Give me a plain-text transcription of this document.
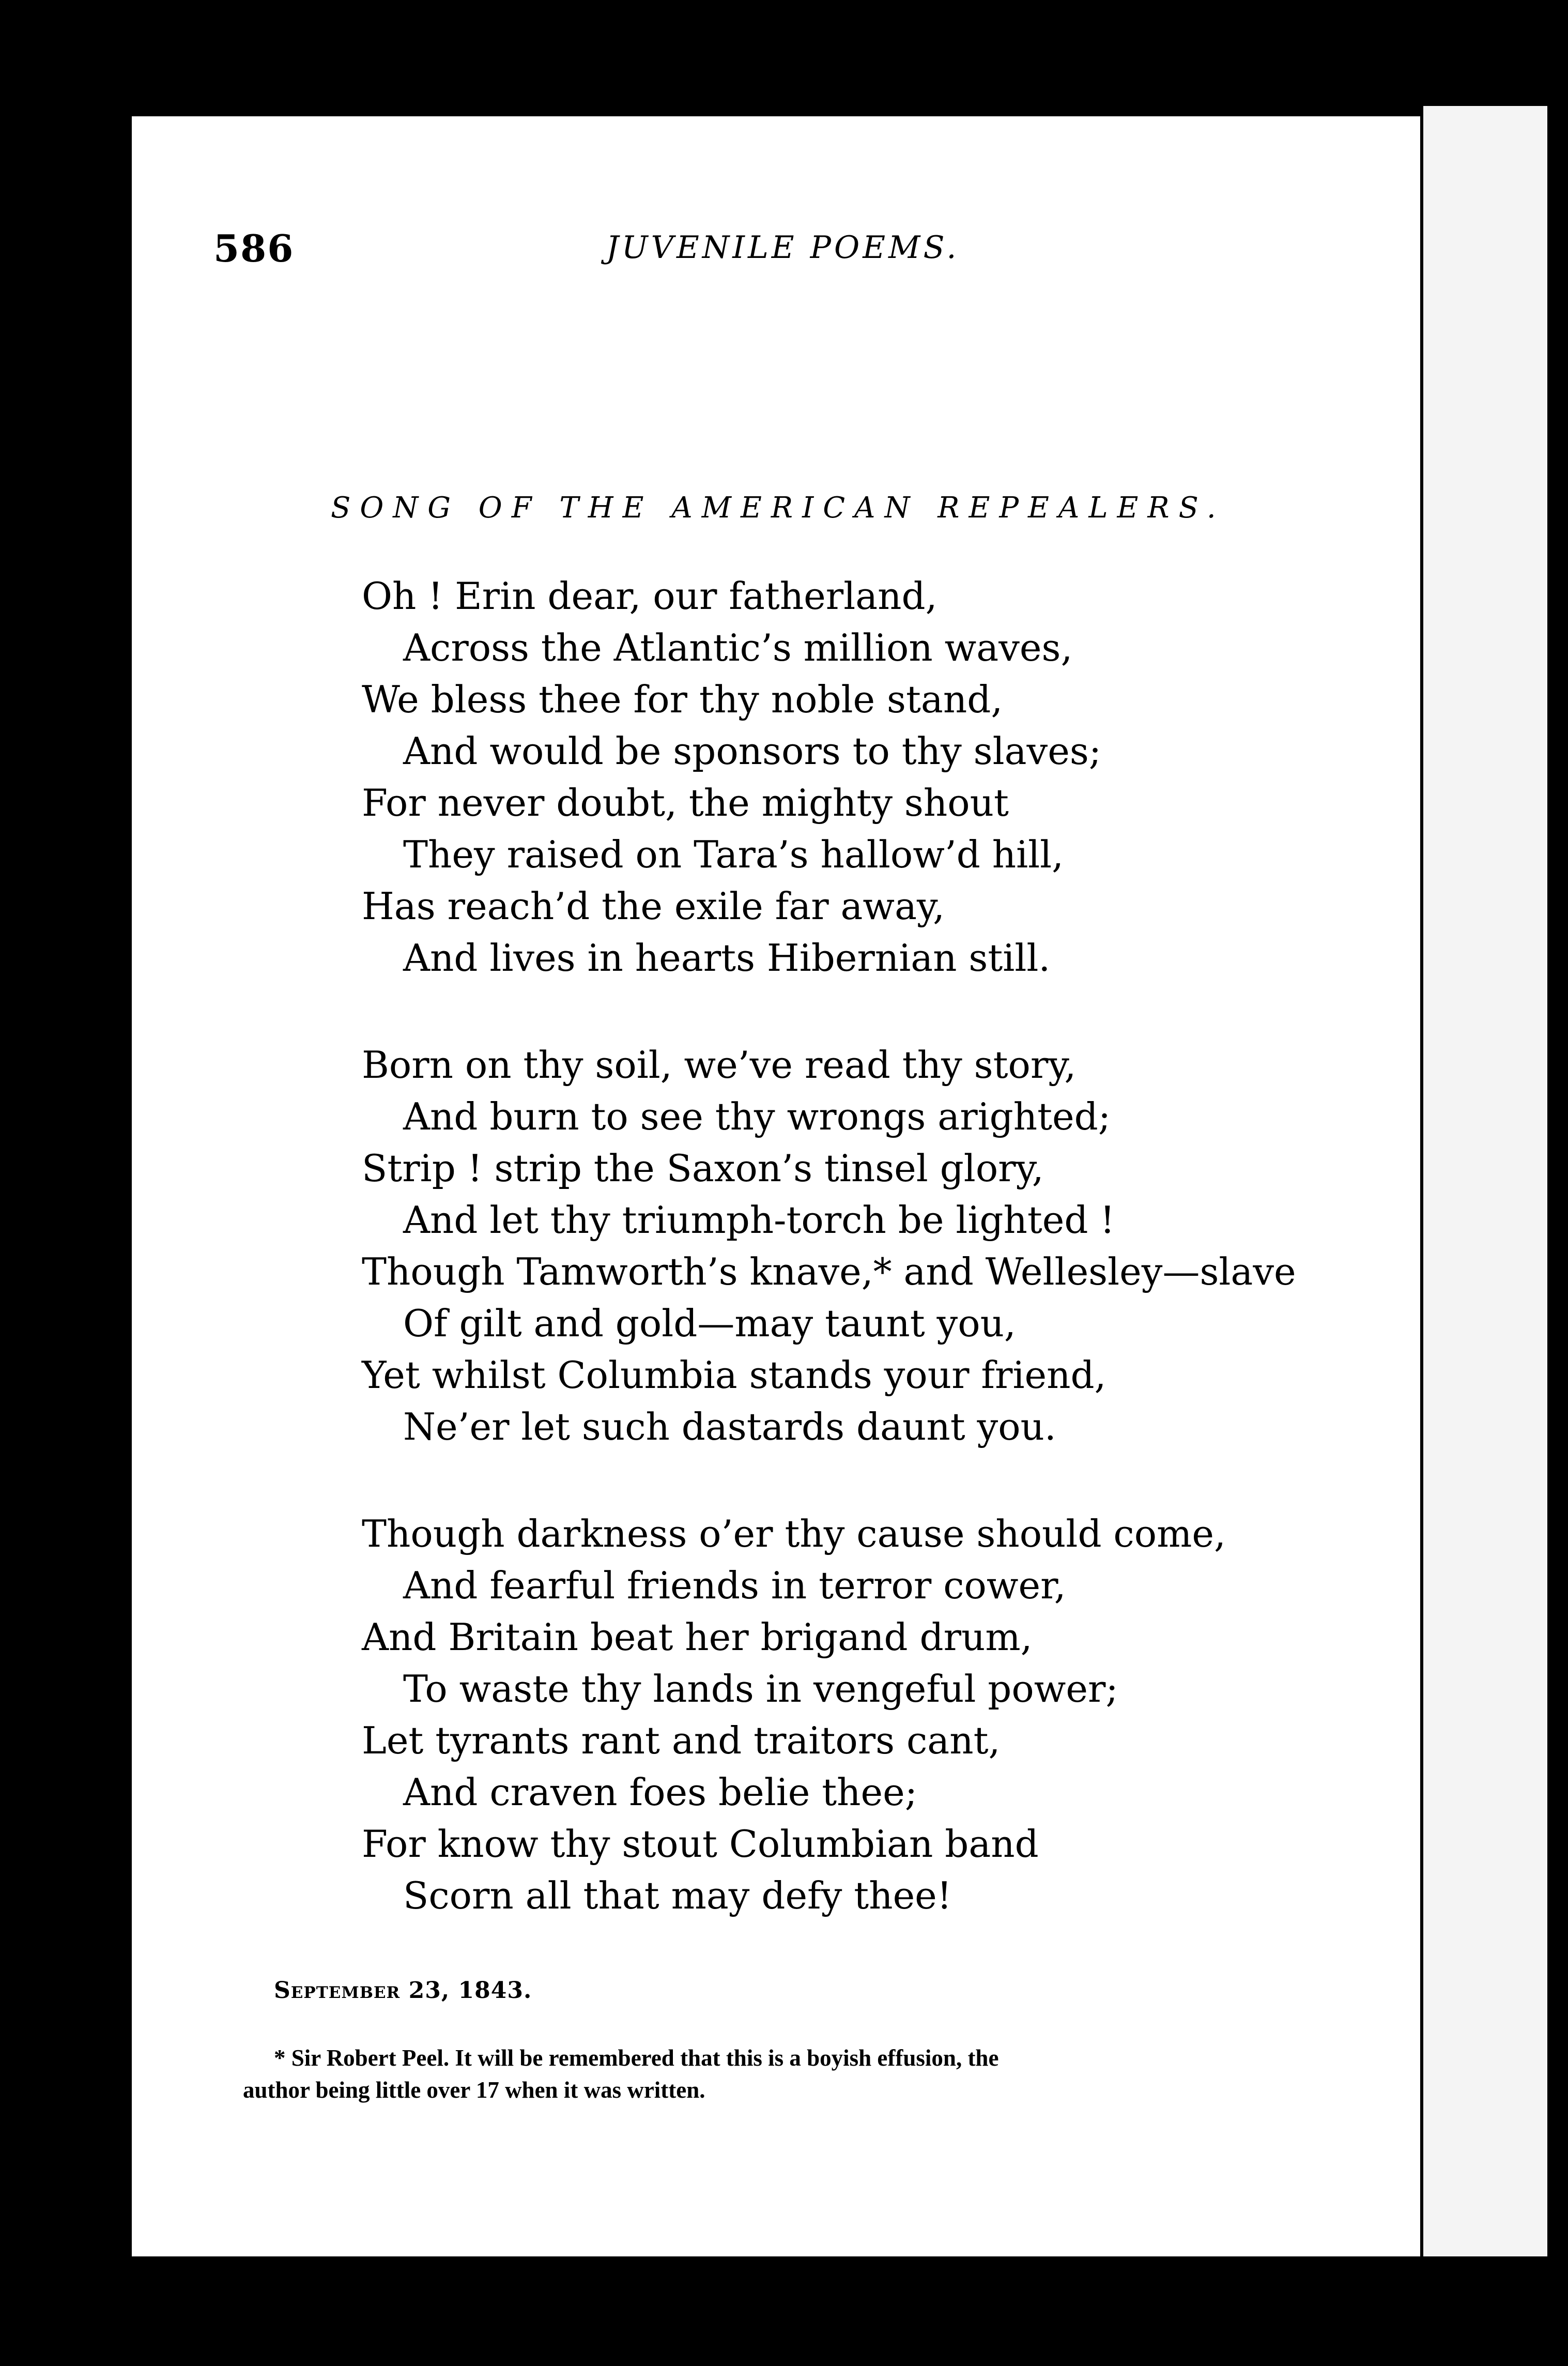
586	JUVENILE POEMS.
SONG OF THE AMERICAN REPEALERS.
Oh ! Erin dear, our fatherland,
Across the Atlantic’s million waves,
We bless thee for thy noble stand,
And would be sponsors to thy slaves;
For never doubt, the mighty shout
They raised on Tara’s hallow’d hill,
Has reach’d the exile far away,
And lives in hearts Hibernian still.
Born on thy soil, we’ve read thy story,
And burn to see thy wrongs arighted;
Strip ! strip the Saxon’s tinsel glory,
And let thy triumph-torch be lighted !
Though Tamworth’s knave,* and Wellesley—slave
Of gilt and gold—may taunt you,
Yet whilst Columbia stands your friend,
Ne’er let such dastards daunt you.
Though darkness o’er thy cause should come,
And fearful friends in terror cower,
And Britain beat her brigand drum,
To waste thy lands in vengeful power;
Let tyrants rant and traitors cant,
And craven foes belie thee;
For know thy stout Columbian band
Scorn all that may defy thee!
September 23, 1843.
* Sir Robert Peel. It will be remembered that this is a boyish effusion, the
author being little over 17 when it was written.
